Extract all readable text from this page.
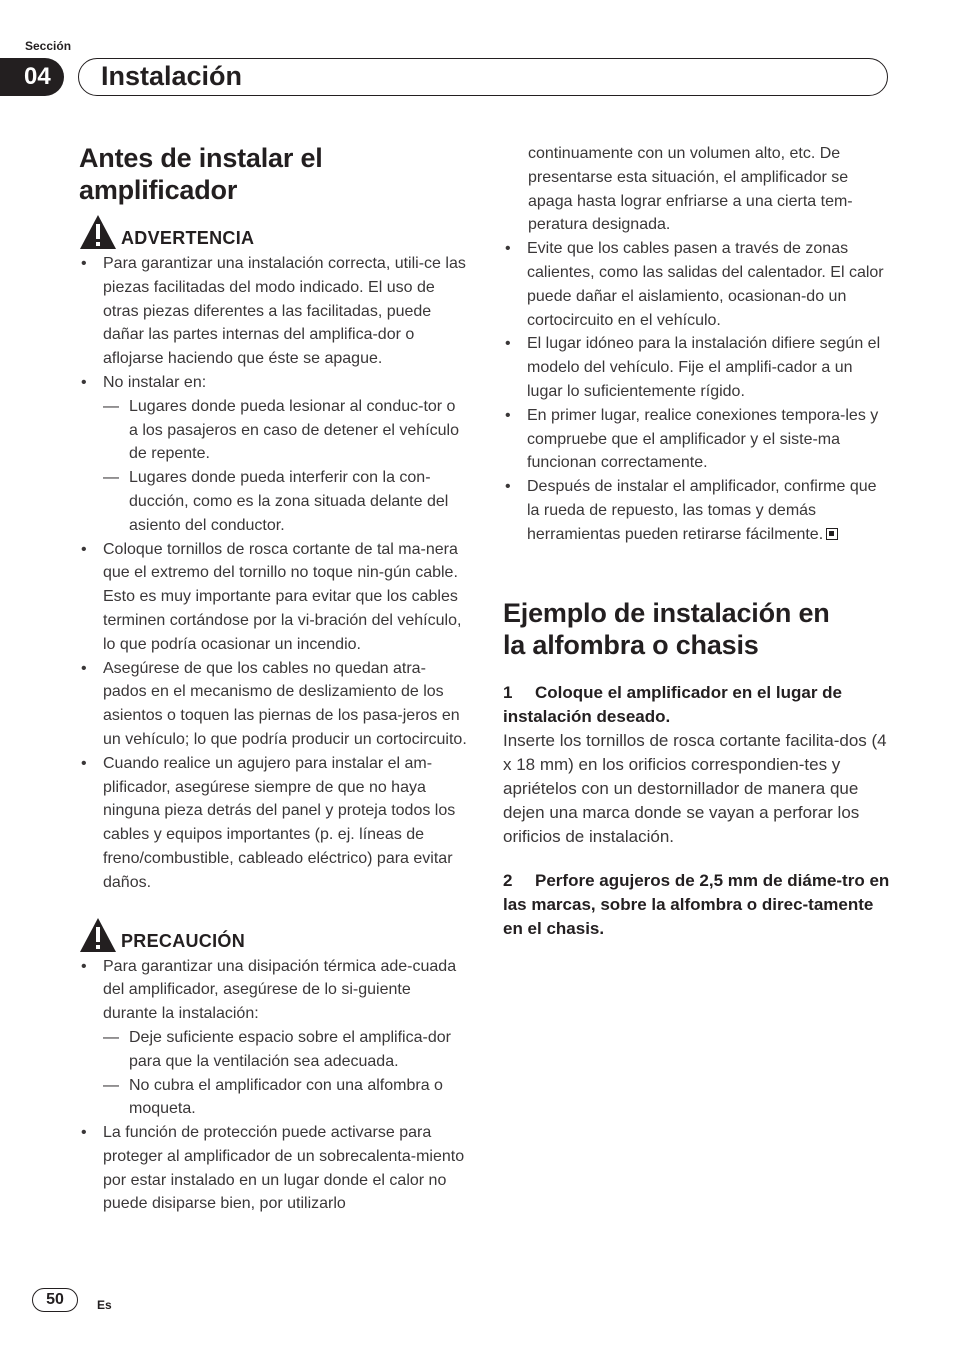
Sección
04	Instalación
Antes de instalar el
amplificador
ADVERTENCIA
• Para garantizar una instalación correcta, utili-ce las piezas facilitadas del modo indicado. El uso de otras piezas diferentes a las facilitadas, puede dañar las partes internas del amplifica-dor o aflojarse haciendo que éste se apague.
• No instalar en:
— Lugares donde pueda lesionar al conduc-tor o a los pasajeros en caso de detener el vehículo de repente.
— Lugares donde pueda interferir con la con-ducción, como es la zona situada delante del asiento del conductor.
• Coloque tornillos de rosca cortante de tal ma-nera que el extremo del tornillo no toque nin-gún cable. Esto es muy importante para evitar que los cables terminen cortándose por la vi-bración del vehículo, lo que podría ocasionar un incendio.
• Asegúrese de que los cables no quedan atra-pados en el mecanismo de deslizamiento de los asientos o toquen las piernas de los pasa-jeros en un vehículo; lo que podría producir un cortocircuito.
• Cuando realice un agujero para instalar el am-plificador, asegúrese siempre de que no haya ninguna pieza detrás del panel y proteja todos los cables y equipos importantes (p. ej. líneas de freno/combustible, cableado eléctrico) para evitar daños.
PRECAUCIÓN
• Para garantizar una disipación térmica ade-cuada del amplificador, asegúrese de lo si-guiente durante la instalación:
— Deje suficiente espacio sobre el amplifica-dor para que la ventilación sea adecuada.
— No cubra el amplificador con una alfombra o moqueta.
• La función de protección puede activarse para proteger al amplificador de un sobrecalenta-miento por estar instalado en un lugar donde el calor no puede disiparse bien, por utilizarlo
continuamente con un volumen alto, etc. De presentarse esta situación, el amplificador se apaga hasta lograr enfriarse a una cierta tem-peratura designada.
• Evite que los cables pasen a través de zonas calientes, como las salidas del calentador. El calor puede dañar el aislamiento, ocasionan-do un cortocircuito en el vehículo.
• El lugar idóneo para la instalación difiere según el modelo del vehículo. Fije el amplifi-cador a un lugar lo suficientemente rígido.
• En primer lugar, realice conexiones tempora-les y compruebe que el amplificador y el siste-ma funcionan correctamente.
• Después de instalar el amplificador, confirme que la rueda de repuesto, las tomas y demás herramientas pueden retirarse fácilmente.
Ejemplo de instalación en
la alfombra o chasis

1 Coloque el amplificador en el lugar de instalación deseado.

Inserte los tornillos de rosca cortante facilita-dos (4 x 18 mm) en los orificios correspondien-tes y apriételos con un destornillador de manera que dejen una marca donde se vayan a perforar los orificios de instalación.

2 Perfore agujeros de 2,5 mm de diáme-tro en las marcas, sobre la alfombra o direc-tamente en el chasis.

50	Es
